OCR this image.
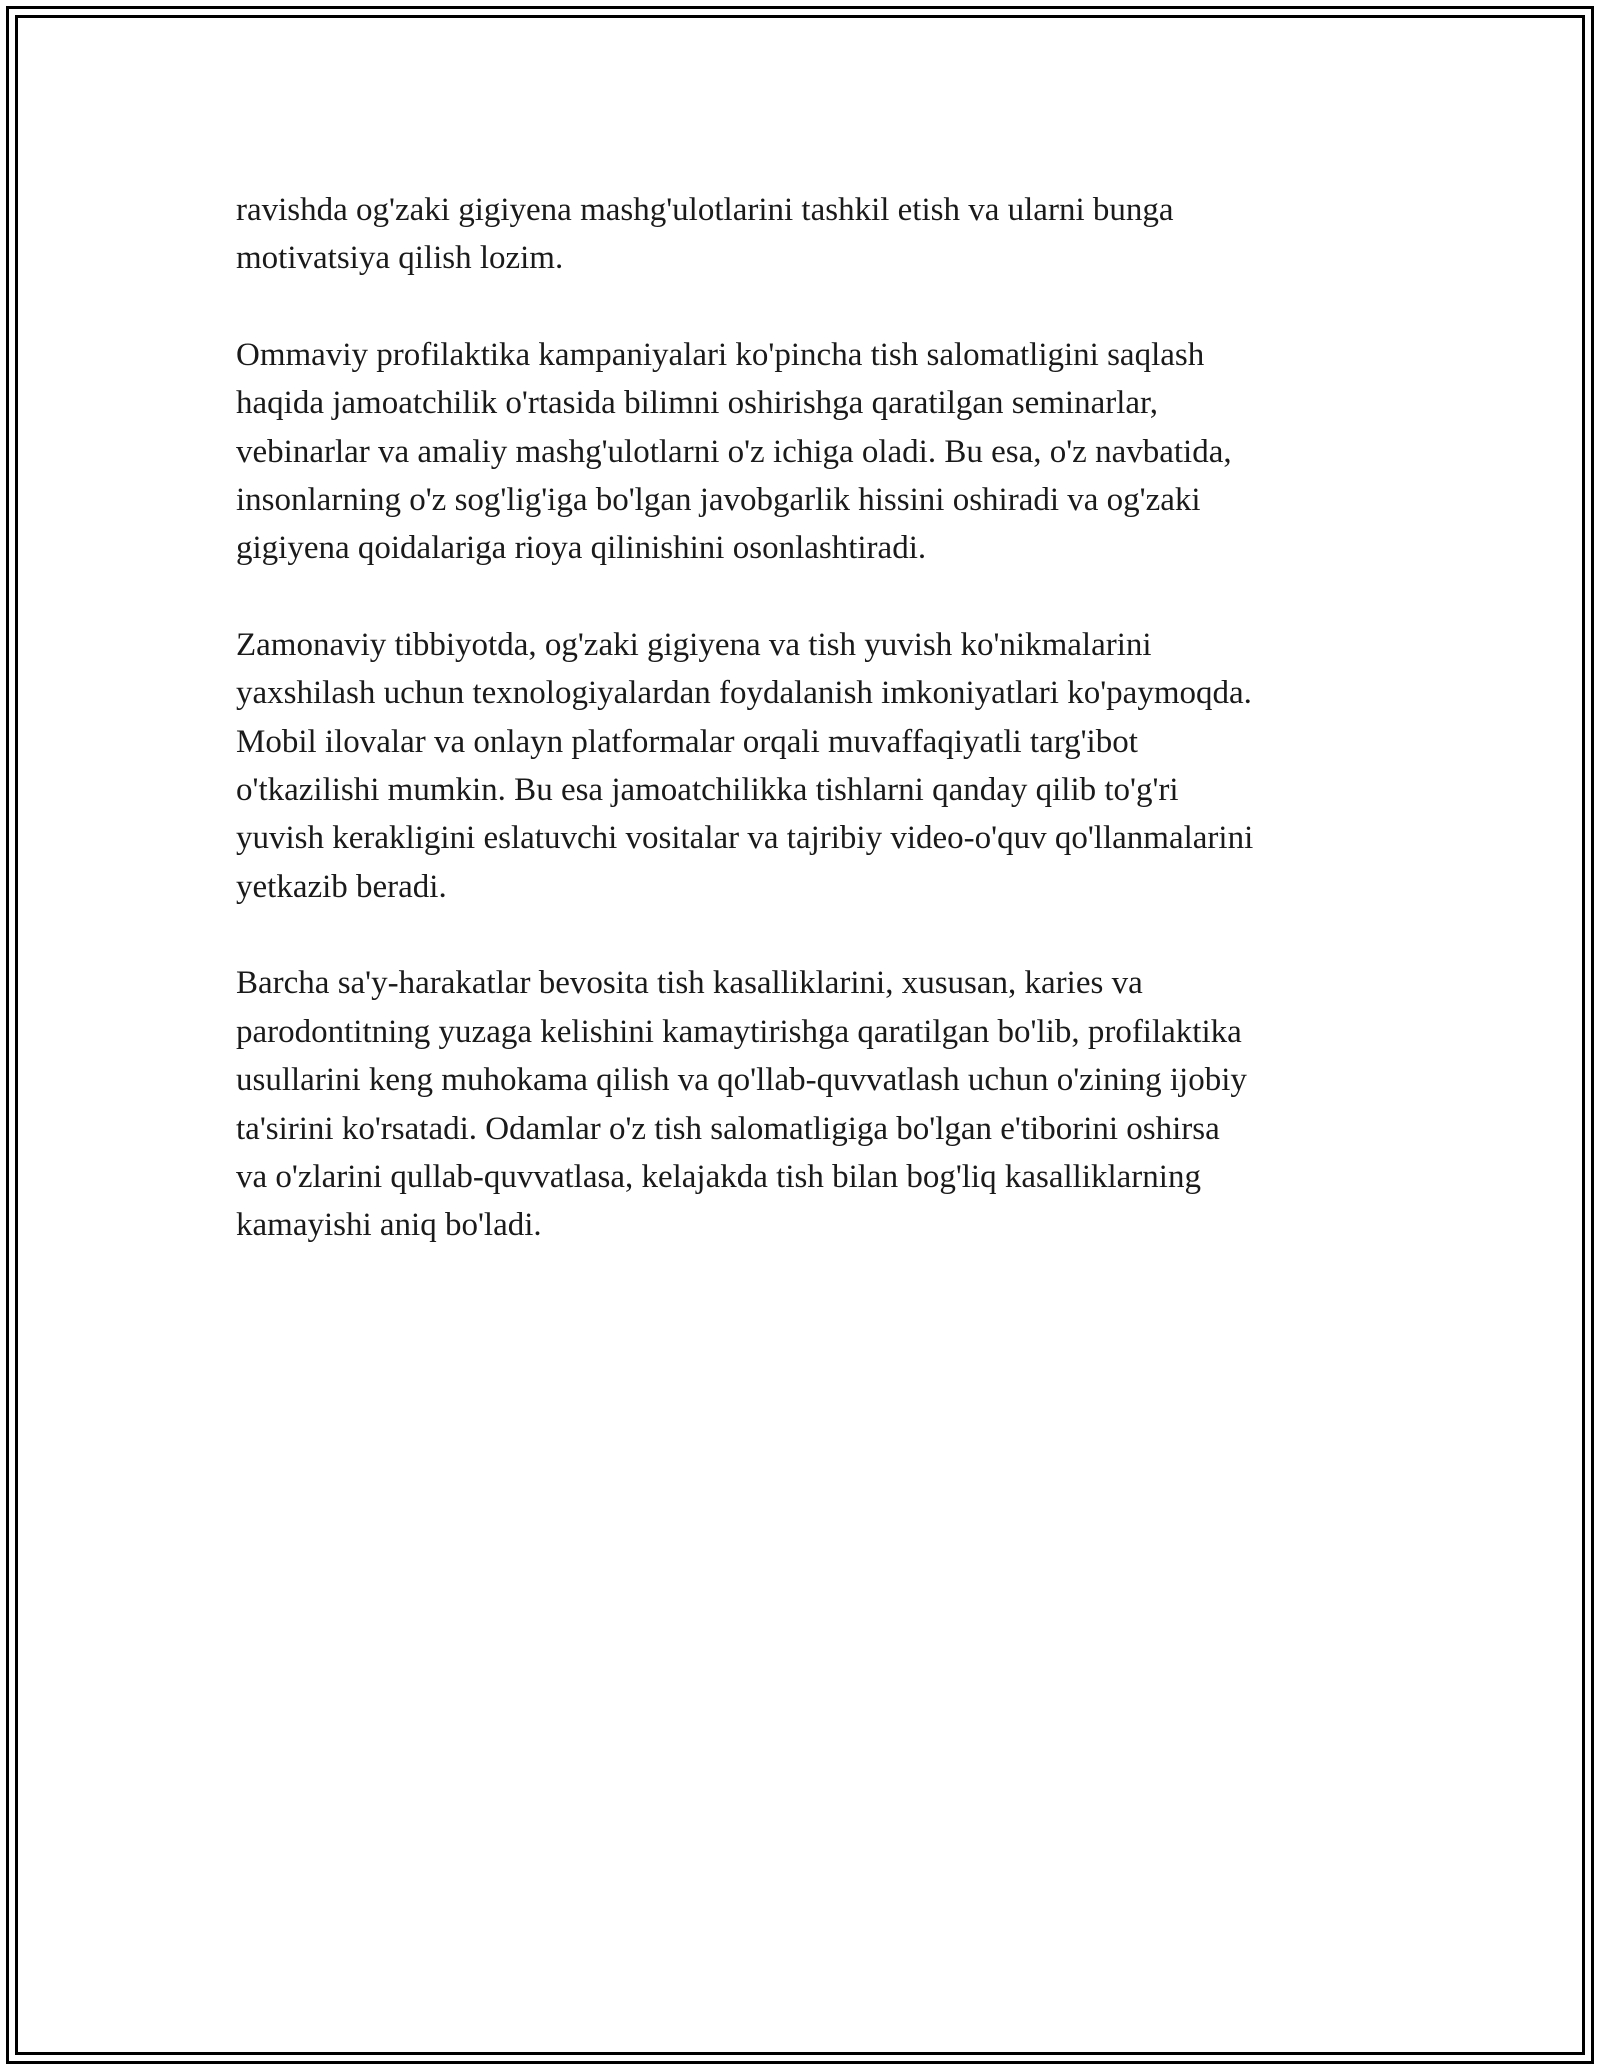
ravishda og'zaki gigiyena mashg'ulotlarini tashkil etish va ularni bunga
motivatsiya qilish lozim.

Ommaviy profilaktika kampaniyalari ko'pincha tish salomatligini saqlash
haqida jamoatchilik o'rtasida bilimni oshirishga qaratilgan seminarlar,
vebinarlar va amaliy mashg'ulotlarni o'z ichiga oladi. Bu esa, o'z navbatida,
insonlarning o'z sog'lig'iga bo'lgan javobgarlik hissini oshiradi va og'zaki
gigiyena qoidalariga rioya qilinishini osonlashtiradi.

Zamonaviy tibbiyotda, og'zaki gigiyena va tish yuvish ko'nikmalarini
yaxshilash uchun texnologiyalardan foydalanish imkoniyatlari ko'paymoqda.
Mobil ilovalar va onlayn platformalar orqali muvaffaqiyatli targ'ibot
o'tkazilishi mumkin. Bu esa jamoatchilikka tishlarni qanday qilib to'g'ri
yuvish kerakligini eslatuvchi vositalar va tajribiy video-o'quv qo'llanmalarini
yetkazib beradi.

Barcha sa'y-harakatlar bevosita tish kasalliklarini, xususan, karies va
parodontitning yuzaga kelishini kamaytirishga qaratilgan bo'lib, profilaktika
usullarini keng muhokama qilish va qo'llab-quvvatlash uchun o'zining ijobiy
ta'sirini ko'rsatadi. Odamlar o'z tish salomatligiga bo'lgan e'tiborini oshirsa
va o'zlarini qullab-quvvatlasa, kelajakda tish bilan bog'liq kasalliklarning
kamayishi aniq bo'ladi.
